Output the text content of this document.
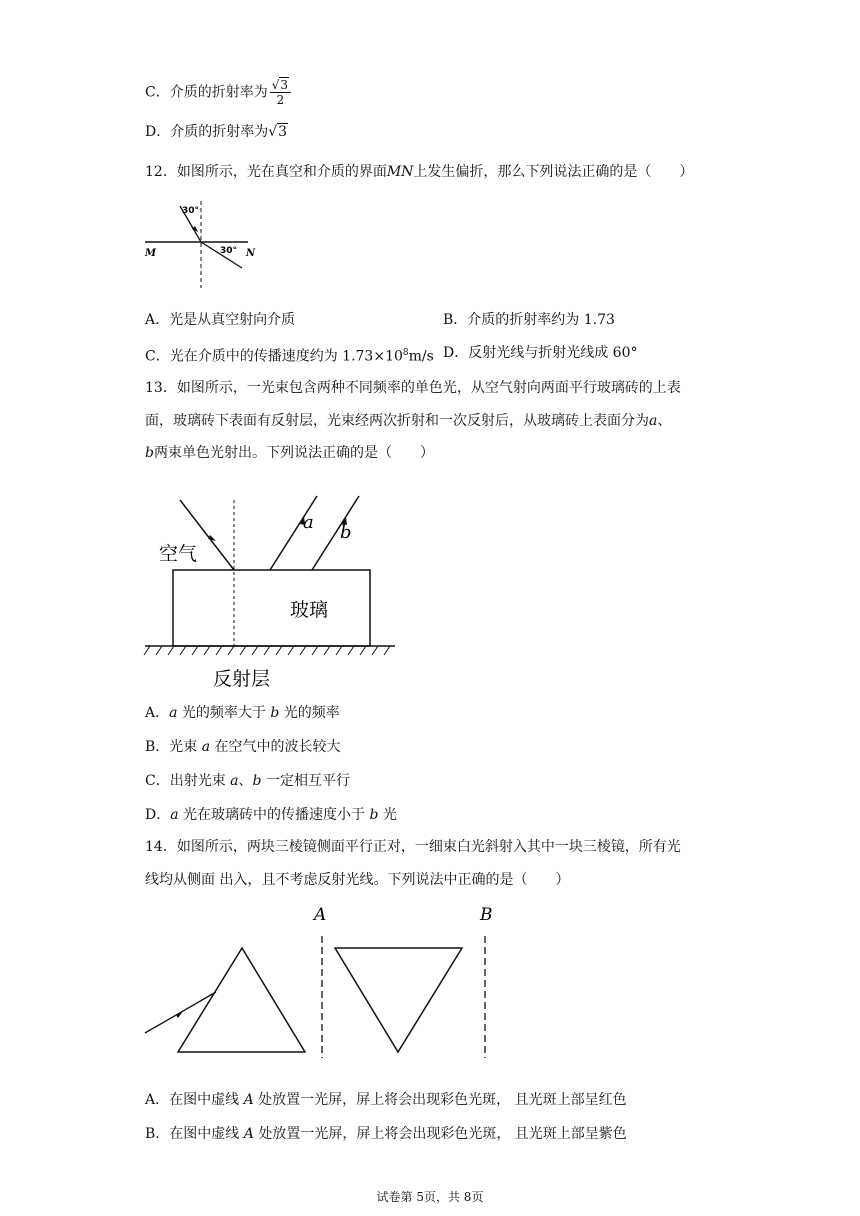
C．介质的折射率为 $\frac{√3}{2}$
D．介质的折射率为√3
12．如图所示，光在真空和介质的界面MN上发生偏折，那么下列说法正确的是（　　）
30°
30°
M	N
A．光是从真空射向介质	B．介质的折射率约为 1.73
C．光在介质中的传播速度约为 $1.73\times 10^8m/s$ D．反射光线与折射光线成 60°
13．如图所示，一光束包含两种不同频率的单色光，从空气射向两面平行玻璃砖的上表
面，玻璃砖下表面有反射层，光束经两次折射和一次反射后，从玻璃砖上表面分为a、
b两束单色光射出。下列说法正确的是（　　）
a b
空气
玻璃
反射层
A．a 光的频率大于 b 光的频率
B．光束 a 在空气中的波长较大
C．出射光束 a、b 一定相互平行
D．a 光在玻璃砖中的传播速度小于 b 光
14．如图所示，两块三棱镜侧面平行正对，一细束白光斜射入其中一块三棱镜，所有光
线均从侧面 出入，且不考虑反射光线。下列说法中正确的是（　　）
A	B
A．在图中虚线 A 处放置一光屏，屏上将会出现彩色光斑， 且光斑上部呈红色
B．在图中虚线 A 处放置一光屏，屏上将会出现彩色光斑， 且光斑上部呈紫色
试卷第 5页，共 8页
